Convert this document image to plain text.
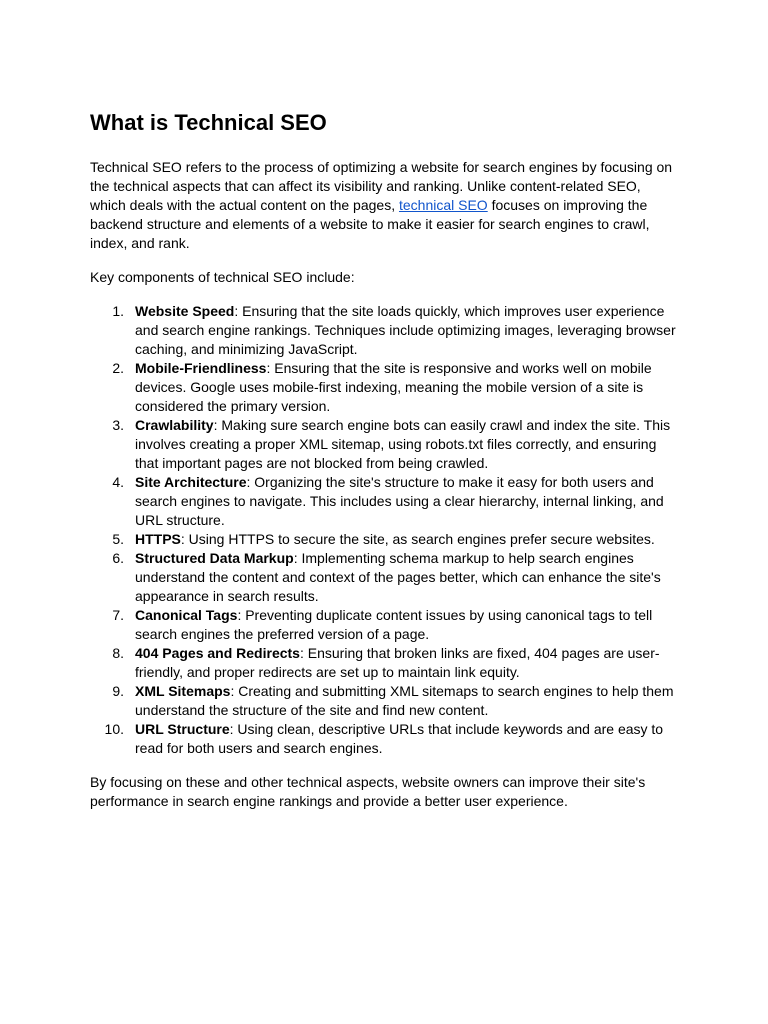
What is Technical SEO

Technical SEO refers to the process of optimizing a website for search engines by focusing on the technical aspects that can affect its visibility and ranking. Unlike content-related SEO, which deals with the actual content on the pages, technical SEO focuses on improving the backend structure and elements of a website to make it easier for search engines to crawl, index, and rank.

Key components of technical SEO include:

1. Website Speed: Ensuring that the site loads quickly, which improves user experience and search engine rankings. Techniques include optimizing images, leveraging browser caching, and minimizing JavaScript.
2. Mobile-Friendliness: Ensuring that the site is responsive and works well on mobile devices. Google uses mobile-first indexing, meaning the mobile version of a site is considered the primary version.
3. Crawlability: Making sure search engine bots can easily crawl and index the site. This involves creating a proper XML sitemap, using robots.txt files correctly, and ensuring that important pages are not blocked from being crawled.
4. Site Architecture: Organizing the site's structure to make it easy for both users and search engines to navigate. This includes using a clear hierarchy, internal linking, and URL structure.
5. HTTPS: Using HTTPS to secure the site, as search engines prefer secure websites.
6. Structured Data Markup: Implementing schema markup to help search engines understand the content and context of the pages better, which can enhance the site's appearance in search results.
7. Canonical Tags: Preventing duplicate content issues by using canonical tags to tell search engines the preferred version of a page.
8. 404 Pages and Redirects: Ensuring that broken links are fixed, 404 pages are user-friendly, and proper redirects are set up to maintain link equity.
9. XML Sitemaps: Creating and submitting XML sitemaps to search engines to help them understand the structure of the site and find new content.
10. URL Structure: Using clean, descriptive URLs that include keywords and are easy to read for both users and search engines.

By focusing on these and other technical aspects, website owners can improve their site's performance in search engine rankings and provide a better user experience.
